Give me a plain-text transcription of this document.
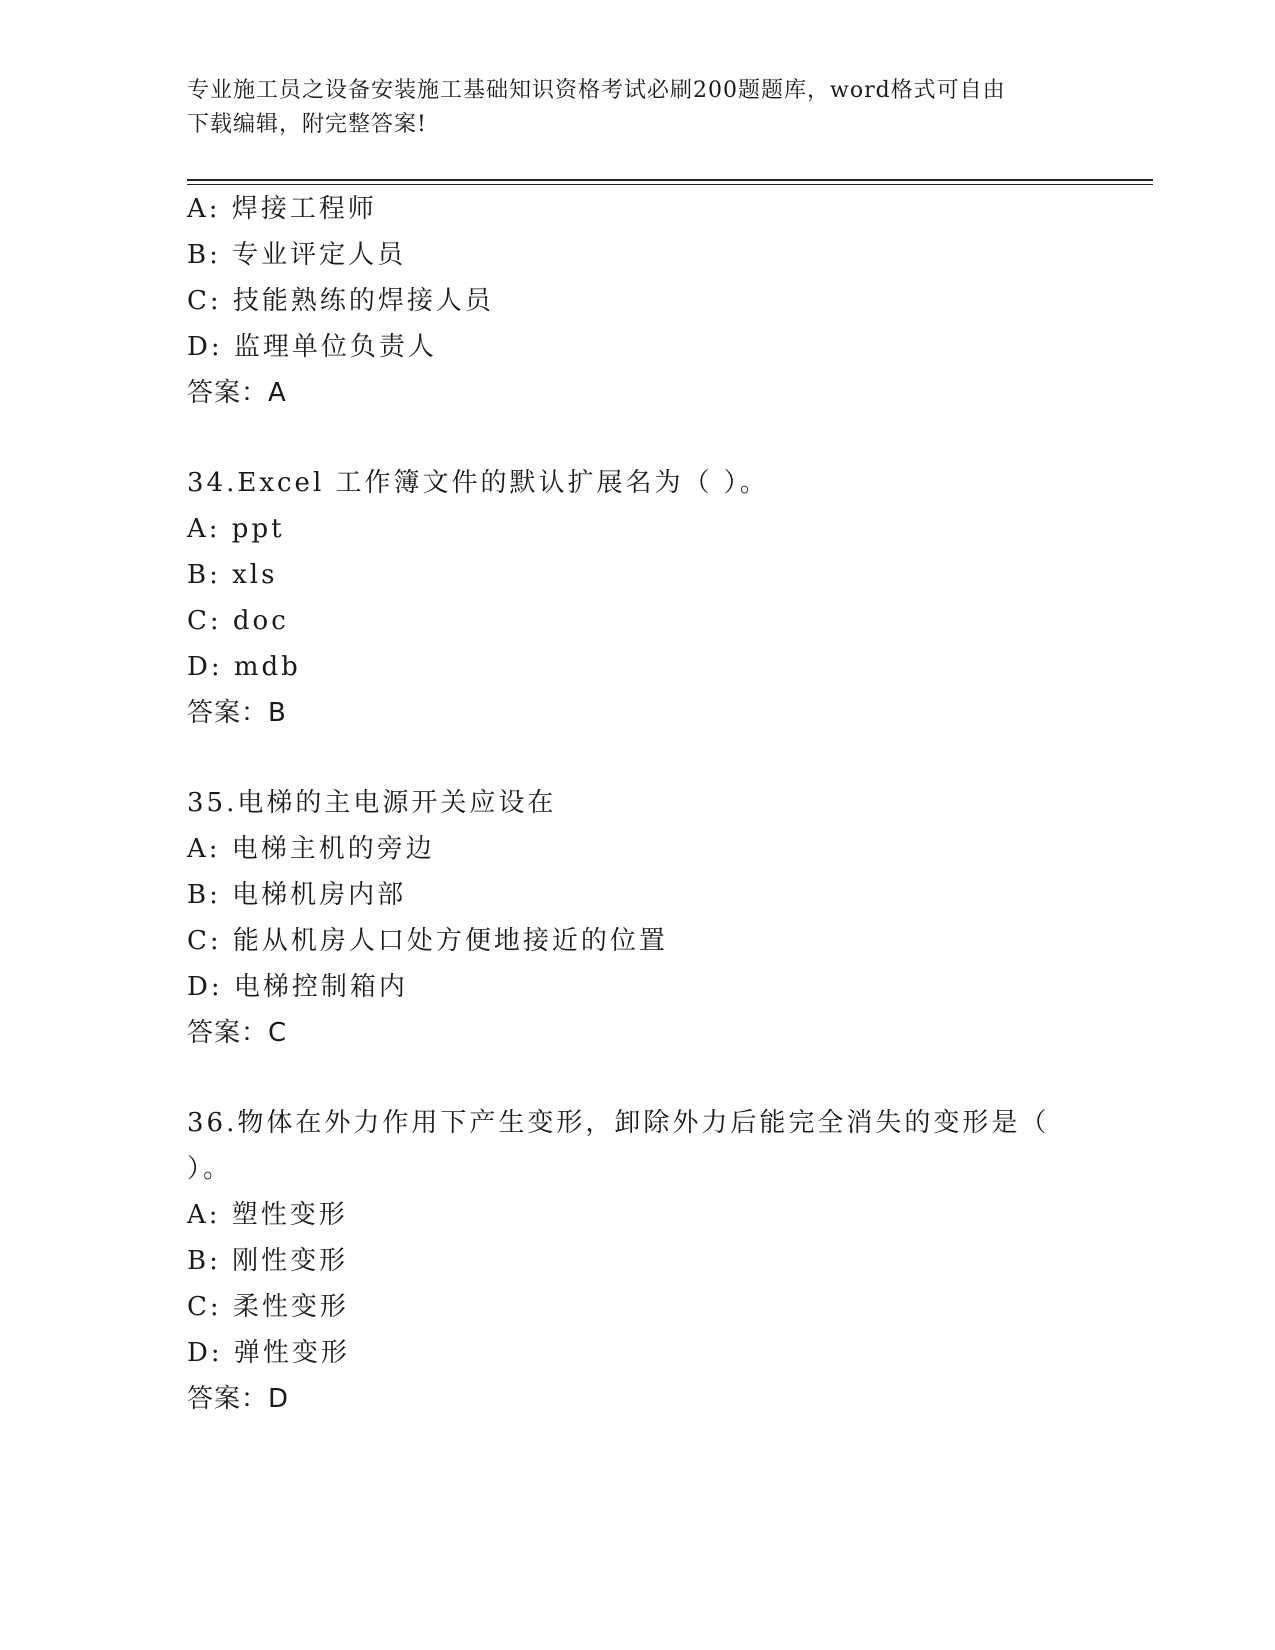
专业施工员之设备安装施工基础知识资格考试必刷200题题库，word格式可自由
下载编辑，附完整答案!
A: 焊接工程师
B: 专业评定人员
C: 技能熟练的焊接人员
D: 监理单位负责人
答案：A
34.Excel 工作簿文件的默认扩展名为（ ）。
A: ppt
B: xls
C: doc
D: mdb
答案：B
35.电梯的主电源开关应设在
A: 电梯主机的旁边
B: 电梯机房内部
C: 能从机房人口处方便地接近的位置
D: 电梯控制箱内
答案：C
36.物体在外力作用下产生变形，卸除外力后能完全消失的变形是（
）。
A: 塑性变形
B: 刚性变形
C: 柔性变形
D: 弹性变形
答案：D
